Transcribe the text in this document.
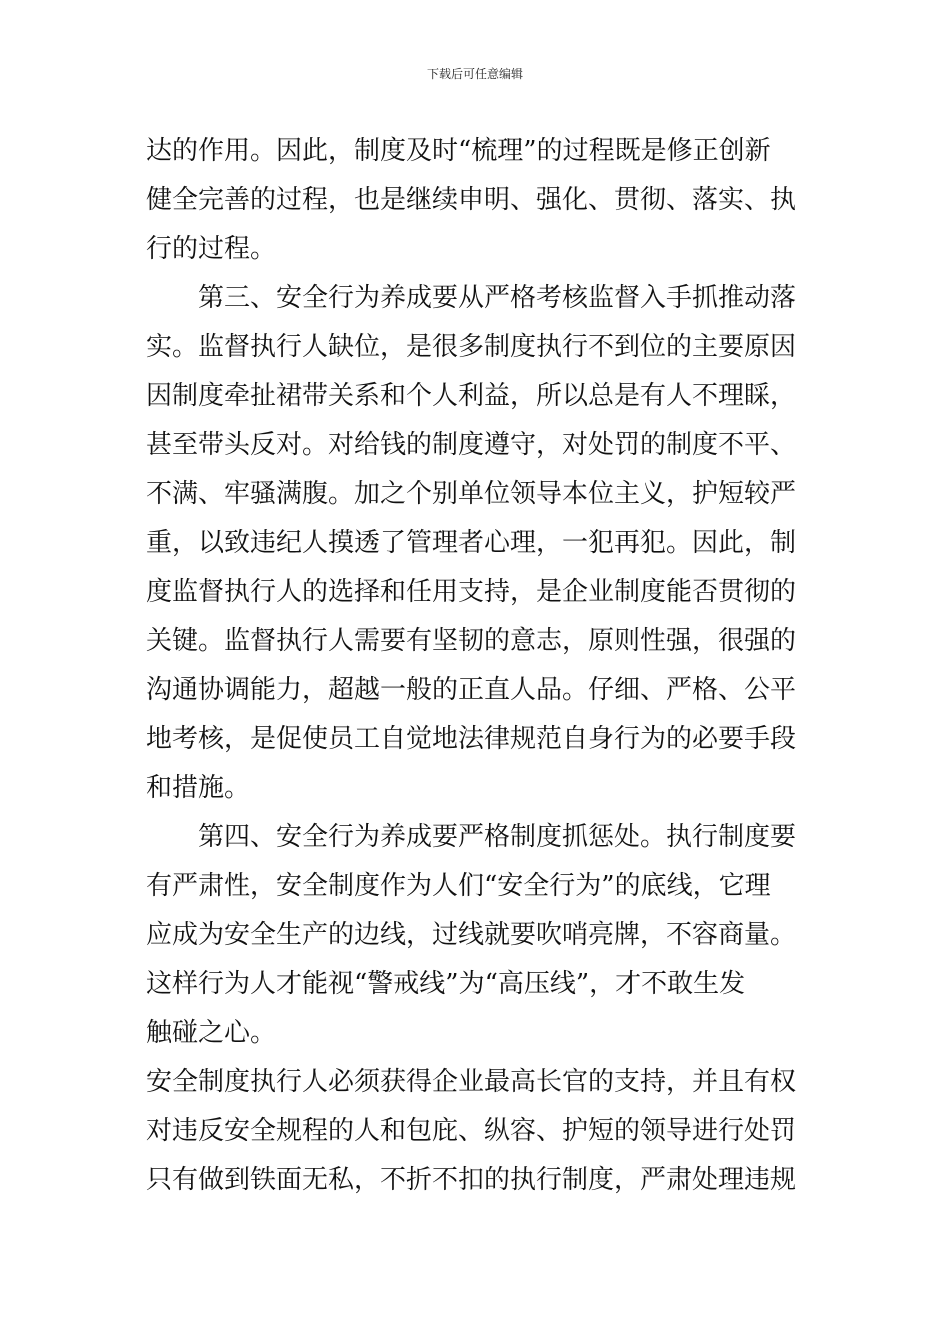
下载后可任意编辑
达的作用。因此，制度及时“梳理”的过程既是修正创新
健全完善的过程，也是继续申明、强化、贯彻、落实、执
行的过程。
第三、安全行为养成要从严格考核监督入手抓推动落
实。监督执行人缺位，是很多制度执行不到位的主要原因
因制度牵扯裙带关系和个人利益，所以总是有人不理睬，
甚至带头反对。对给钱的制度遵守，对处罚的制度不平、
不满、牢骚满腹。加之个别单位领导本位主义，护短较严
重，以致违纪人摸透了管理者心理，一犯再犯。因此，制
度监督执行人的选择和任用支持，是企业制度能否贯彻的
关键。监督执行人需要有坚韧的意志，原则性强，很强的
沟通协调能力，超越一般的正直人品。仔细、严格、公平
地考核，是促使员工自觉地法律规范自身行为的必要手段
和措施。
第四、安全行为养成要严格制度抓惩处。执行制度要
有严肃性，安全制度作为人们“安全行为”的底线，它理
应成为安全生产的边线，过线就要吹哨亮牌，不容商量。
这样行为人才能视“警戒线”为“高压线”，才不敢生发
触碰之心。
安全制度执行人必须获得企业最高长官的支持，并且有权
对违反安全规程的人和包庇、纵容、护短的领导进行处罚
只有做到铁面无私，不折不扣的执行制度，严肃处理违规
